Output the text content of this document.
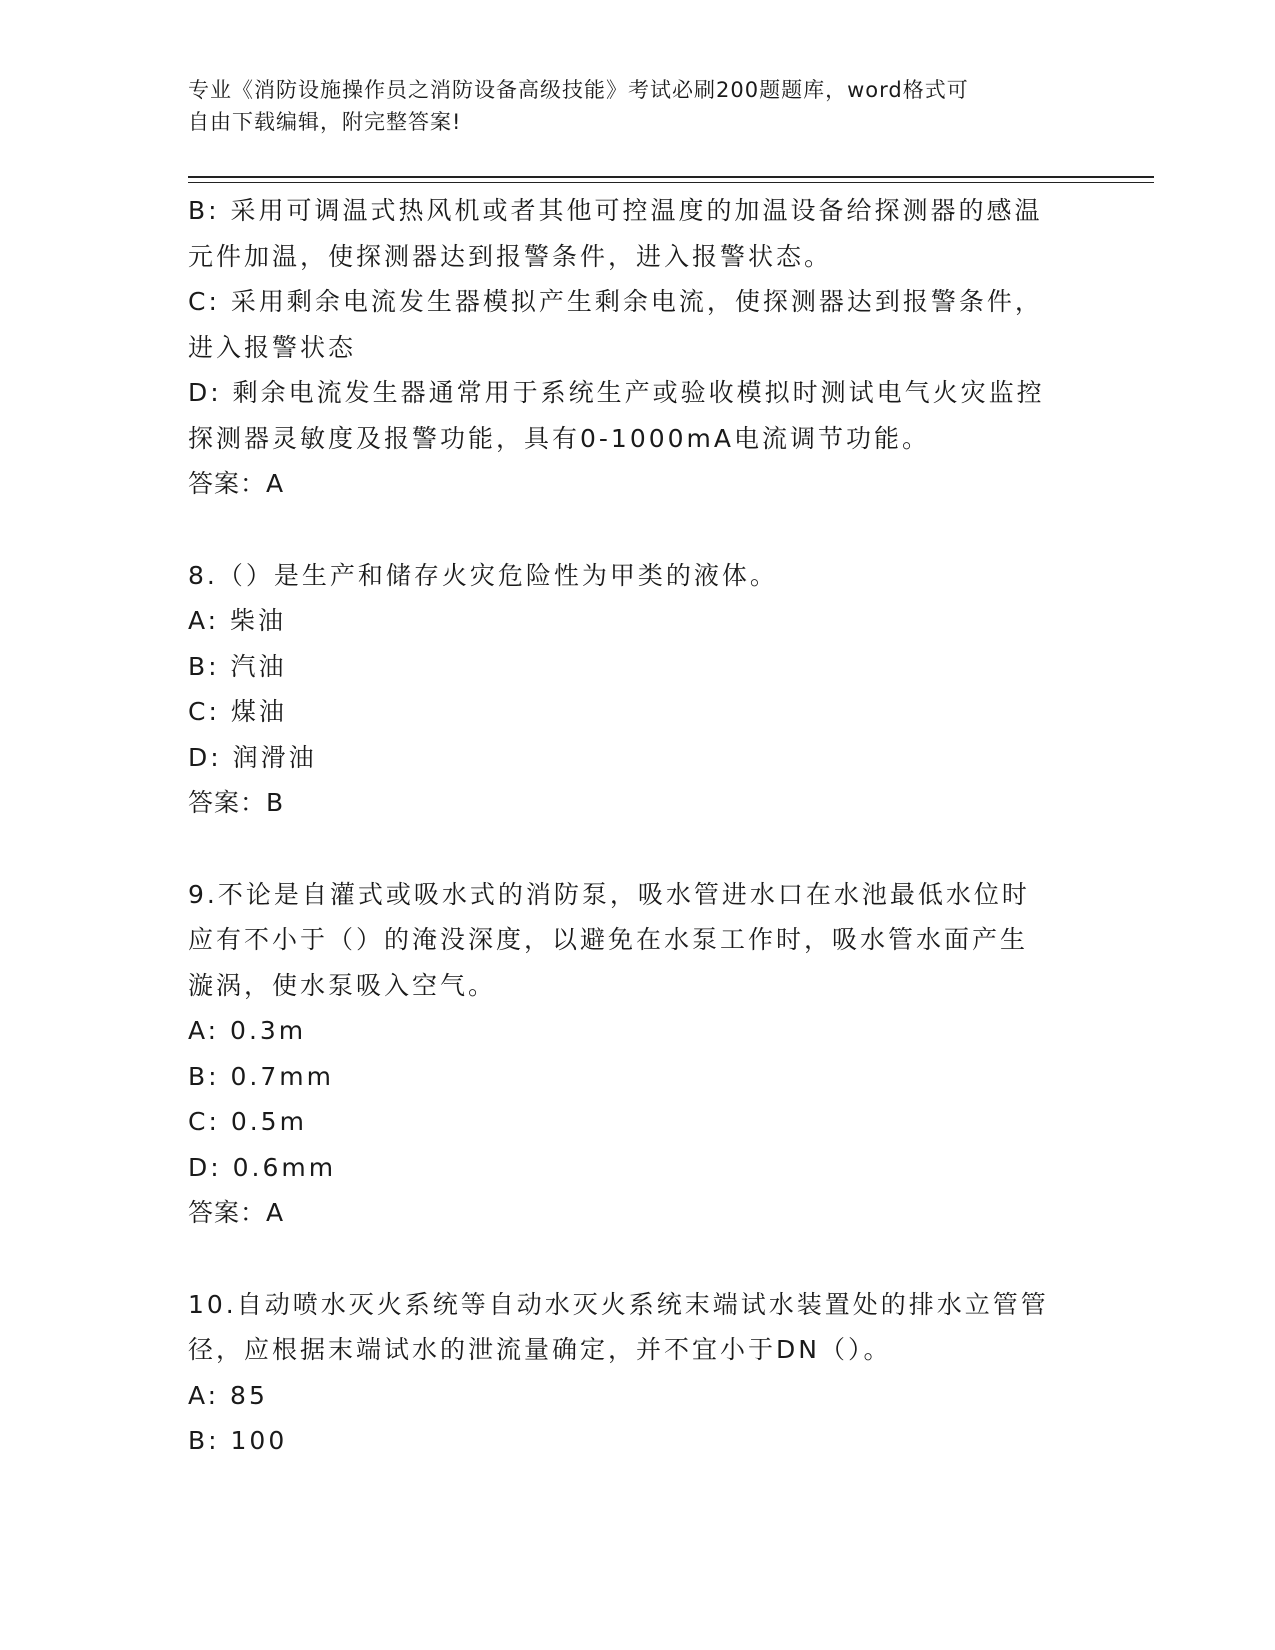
专业《消防设施操作员之消防设备高级技能》考试必刷200题题库，word格式可
自由下载编辑，附完整答案!

B: 采用可调温式热风机或者其他可控温度的加温设备给探测器的感温

元件加温，使探测器达到报警条件，进入报警状态。

C: 采用剩余电流发生器模拟产生剩余电流，使探测器达到报警条件，

进入报警状态

D: 剩余电流发生器通常用于系统生产或验收模拟时测试电气火灾监控

探测器灵敏度及报警功能，具有0-1000mA电流调节功能。

答案：A

8.（）是生产和储存火灾危险性为甲类的液体。

A: 柴油

B: 汽油

C: 煤油

D: 润滑油

答案：B

9.不论是自灌式或吸水式的消防泵，吸水管进水口在水池最低水位时

应有不小于（）的淹没深度，以避免在水泵工作时，吸水管水面产生

漩涡，使水泵吸入空气。

A: 0.3m

B: 0.7mm

C: 0.5m

D: 0.6mm

答案：A

10.自动喷水灭火系统等自动水灭火系统末端试水装置处的排水立管管

径，应根据末端试水的泄流量确定，并不宜小于DN（）。

A: 85

B: 100
